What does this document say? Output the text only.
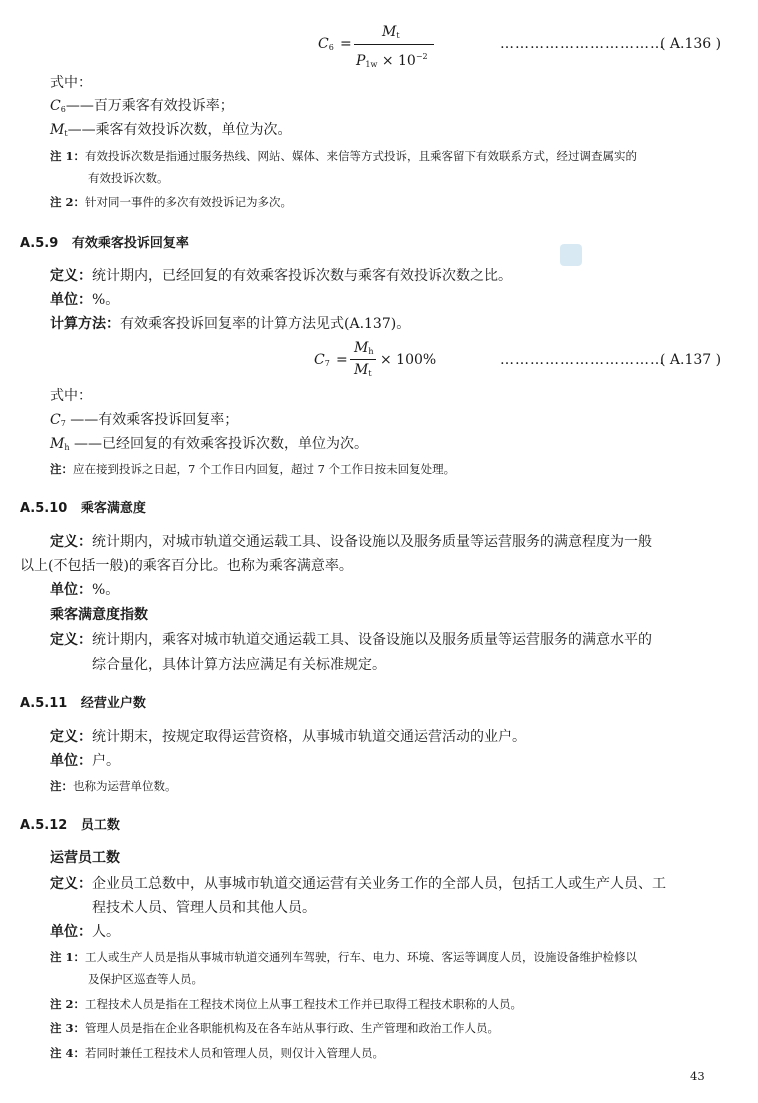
$C_6$ =
$M_t$
$P_{1w} \times 10^{-2}$
……………………………
( A.136 )
式中：
$C_6——$百万乘客有效投诉率；
$M_t——$乘客有效投诉次数，单位为次。
注 1：有效投诉次数是指通过服务热线、网站、媒体、来信等方式投诉，且乘客留下有效联系方式，经过调查属实的
有效投诉次数。
注 2：针对同一事件的多次有效投诉记为多次。
A.5.9 有效乘客投诉回复率
定义：统计期内，已经回复的有效乘客投诉次数与乘客有效投诉次数之比。
单位：%。
计算方法：有效乘客投诉回复率的计算方法见式(A.137)。
$C_7$ =
$M_h$
$M_t$
× 100%	……………………………
( A.137 )
式中：
$C_7$ ——有效乘客投诉回复率；
$M_h$ ——已经回复的有效乘客投诉次数，单位为次。
注：应在接到投诉之日起，7 个工作日内回复，超过 7 个工作日按未回复处理。
A.5.10 乘客满意度
定义：统计期内，对城市轨道交通运载工具、设备设施以及服务质量等运营服务的满意程度为一般
以上(不包括一般)的乘客百分比。也称为乘客满意率。
单位：%。
乘客满意度指数
定义：统计期内，乘客对城市轨道交通运载工具、设备设施以及服务质量等运营服务的满意水平的
综合量化，具体计算方法应满足有关标准规定。
A.5.11 经营业户数
定义：统计期末，按规定取得运营资格，从事城市轨道交通运营活动的业户。
单位：户。
注：也称为运营单位数。
A.5.12 员工数
运营员工数
定义：企业员工总数中，从事城市轨道交通运营有关业务工作的全部人员，包括工人或生产人员、工
程技术人员、管理人员和其他人员。
单位：人。
注 1：工人或生产人员是指从事城市轨道交通列车驾驶，行车、电力、环境、客运等调度人员，设施设备维护检修以
及保护区巡查等人员。
注 2：工程技术人员是指在工程技术岗位上从事工程技术工作并已取得工程技术职称的人员。
注 3：管理人员是指在企业各职能机构及在各车站从事行政、生产管理和政治工作人员。
注 4：若同时兼任工程技术人员和管理人员，则仅计入管理人员。
43
